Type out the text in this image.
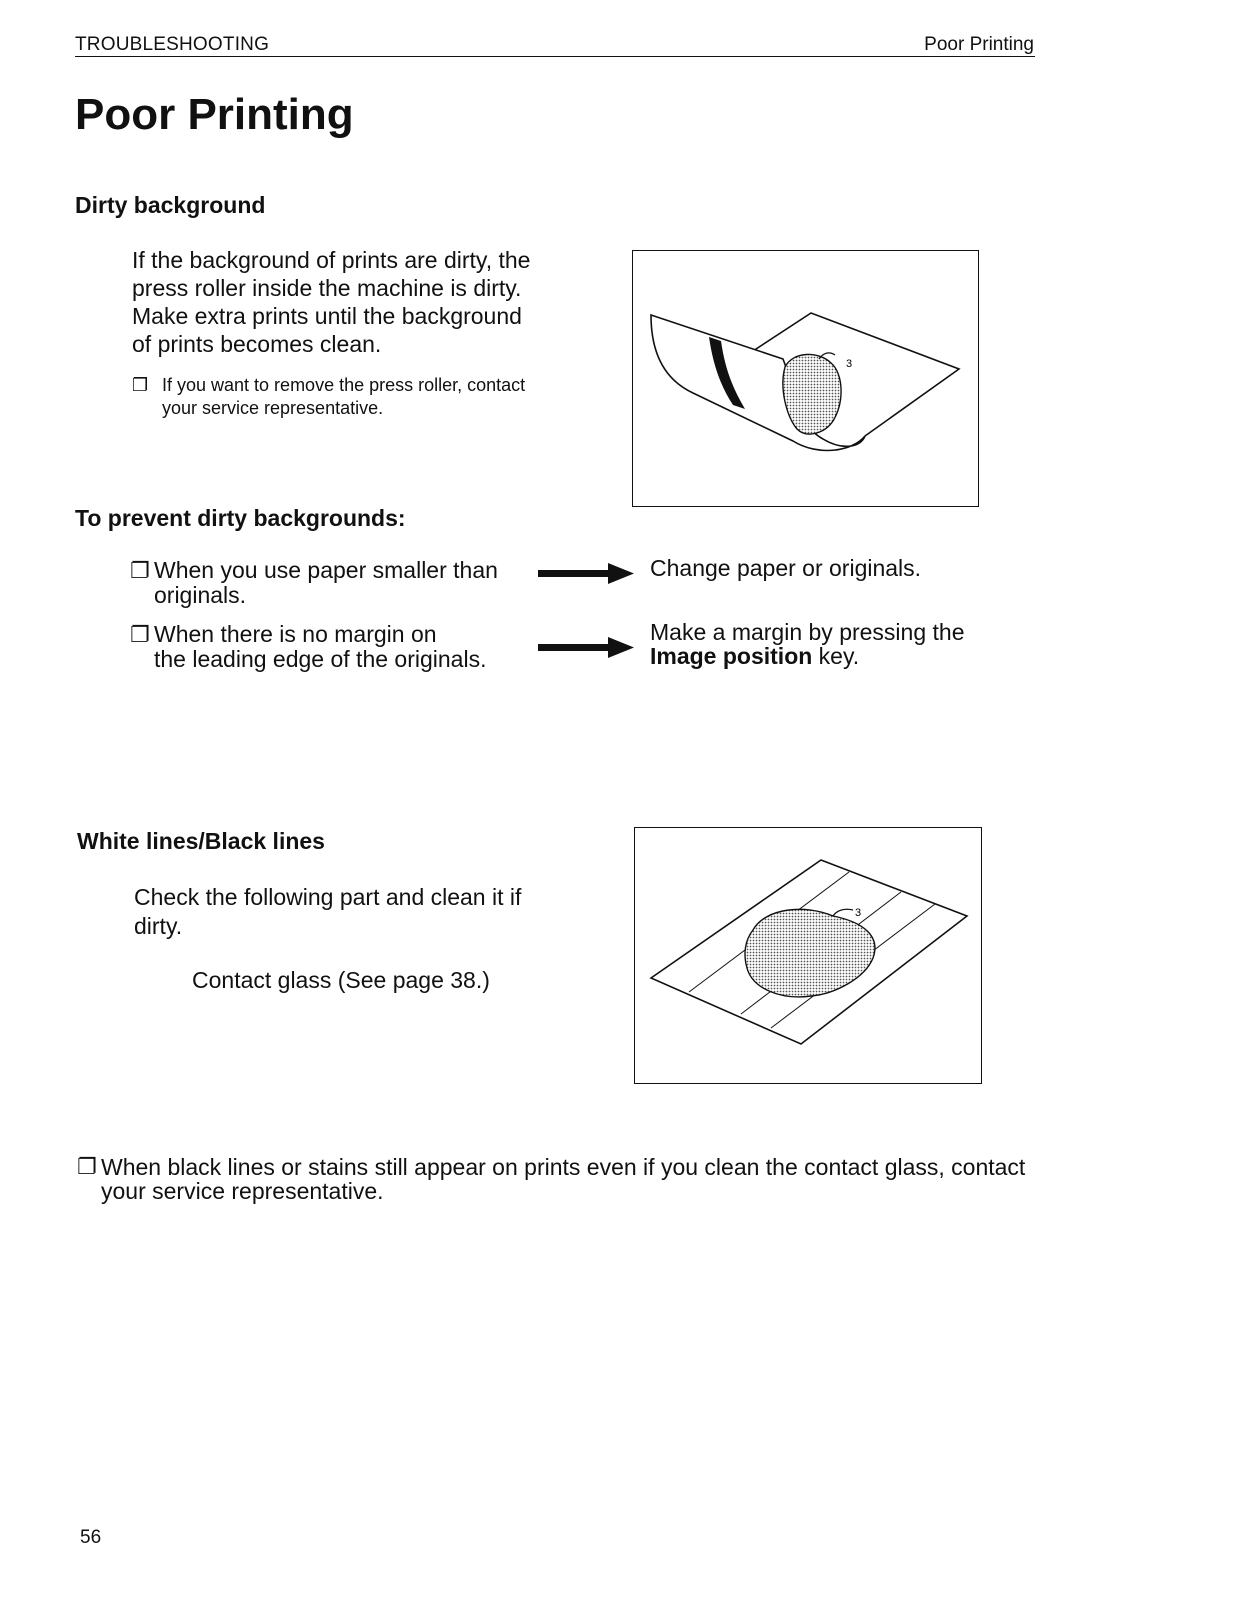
TROUBLESHOOTING	Poor Printing
Poor Printing
Dirty background
If the background of prints are dirty, the press roller inside the machine is dirty. Make extra prints until the background of prints becomes clean.
❐ If you want to remove the press roller, contact your service representative.
3
To prevent dirty backgrounds:
❐ When you use paper smaller than
originals.
Change paper or originals.
❐ When there is no margin on
the leading edge of the originals.
Make a margin by pressing the
Image position key.
White lines/Black lines
Check the following part and clean it if dirty.
Contact glass (See page 38.)
3
❐ When black lines or stains still appear on prints even if you clean the contact glass, contact your service representative.
56
